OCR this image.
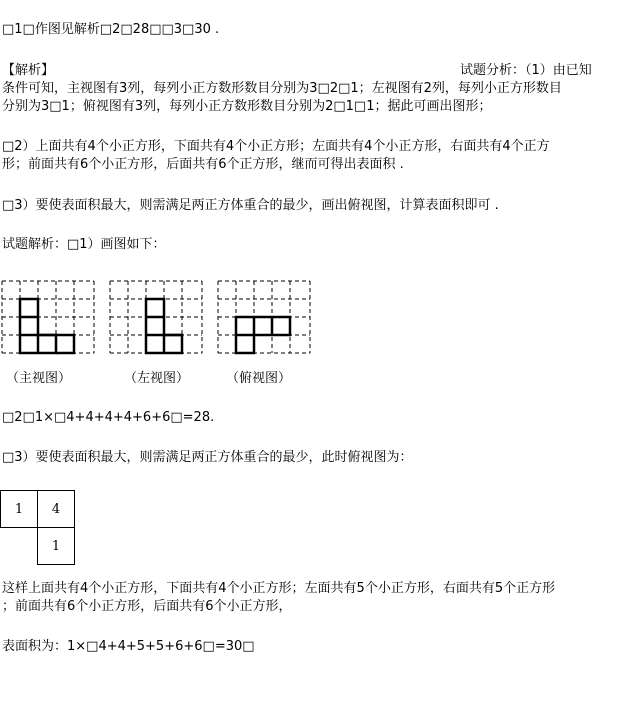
□1□作图见解析□2□28□□3□30 .
【解析】	试题分析：（1）由已知
条件可知，主视图有3列，每列小正方数形数目分别为3□2□1；左视图有2列，每列小正方形数目
分别为3□1；俯视图有3列，每列小正方数形数目分别为2□1□1；据此可画出图形；
□2）上面共有4个小正方形，下面共有4个小正方形；左面共有4个小正方形，右面共有4个正方
形；前面共有6个小正方形，后面共有6个正方形，继而可得出表面积 .
□3）要使表面积最大，则需满足两正方体重合的最少，画出俯视图，计算表面积即可 .
试题解析：□1）画图如下：
（主视图）	（左视图）	（俯视图）
□2□1×□4+4+4+4+6+6□=28.
□3）要使表面积最大，则需满足两正方体重合的最少，此时俯视图为：
1	4
	1
这样上面共有4个小正方形，下面共有4个小正方形；左面共有5个小正方形，右面共有5个正方形
；前面共有6个小正方形，后面共有6个小正方形，
表面积为：1×□4+4+5+5+6+6□=30□
